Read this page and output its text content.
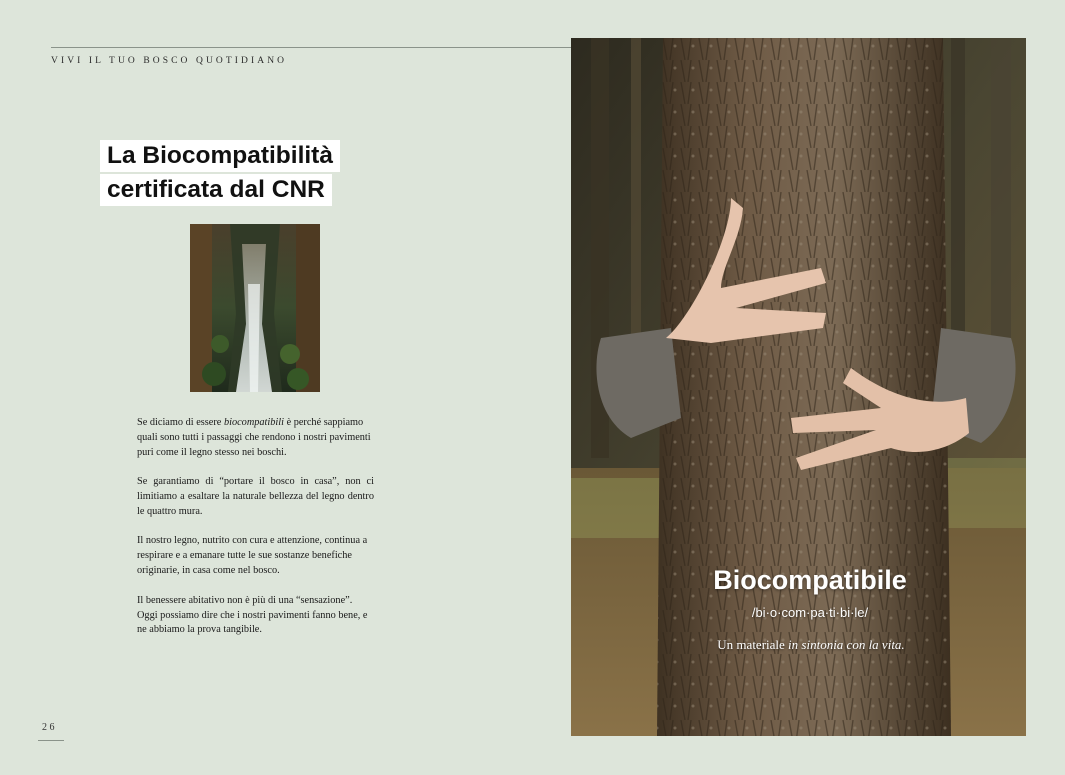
VIVI IL TUO BOSCO QUOTIDIANO
La Biocompatibilità
certificata dal CNR

Se diciamo di essere biocompatibili è perché sappiamo quali sono tutti i passaggi che rendono i nostri pavimenti puri come il legno stesso nei boschi.

Se garantiamo di “portare il bosco in casa”, non ci limitiamo a esaltare la naturale bellezza del legno dentro le quattro mura.

Il nostro legno, nutrito con cura e attenzione, continua a respirare e a emanare tutte le sue sostanze benefiche originarie, in casa come nel bosco.

Il benessere abitativo non è più di una “sensazione”. Oggi possiamo dire che i nostri pavimenti fanno bene, e ne abbiamo la prova tangibile.

26
Biocompatibile
/bi·o·com·pa·ti·bi·le/
Un materiale in sintonia con la vita.
